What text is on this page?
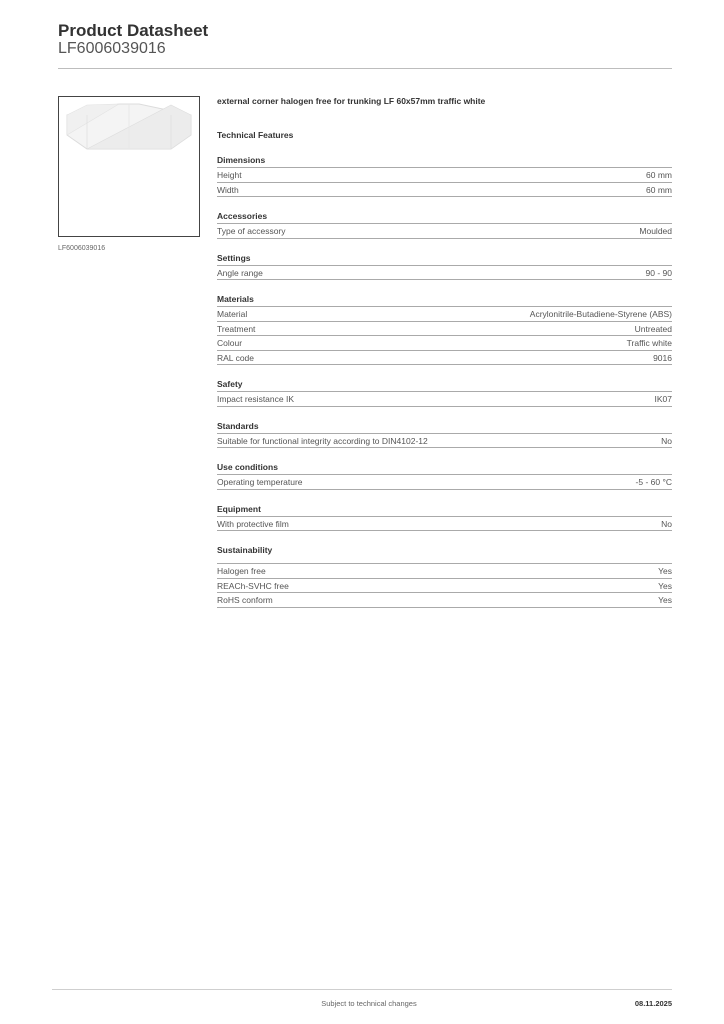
Product Datasheet
LF6006039016
LF6006039016
external corner halogen free for trunking LF 60x57mm traffic white
Technical Features
Dimensions
Height	60 mm
Width	60 mm
Accessories
Type of accessory	Moulded
Settings
Angle range	90 - 90
Materials
Material	Acrylonitrile-Butadiene-Styrene (ABS)
Treatment	Untreated
Colour	Traffic white
RAL code	9016
Safety
Impact resistance IK	IK07
Standards
Suitable for functional integrity according to DIN4102-12	No
Use conditions
Operating temperature	-5 - 60 °C
Equipment
With protective film	No
Sustainability
Halogen free	Yes
REACh-SVHC free	Yes
RoHS conform	Yes
Subject to technical changes	08.11.2025
